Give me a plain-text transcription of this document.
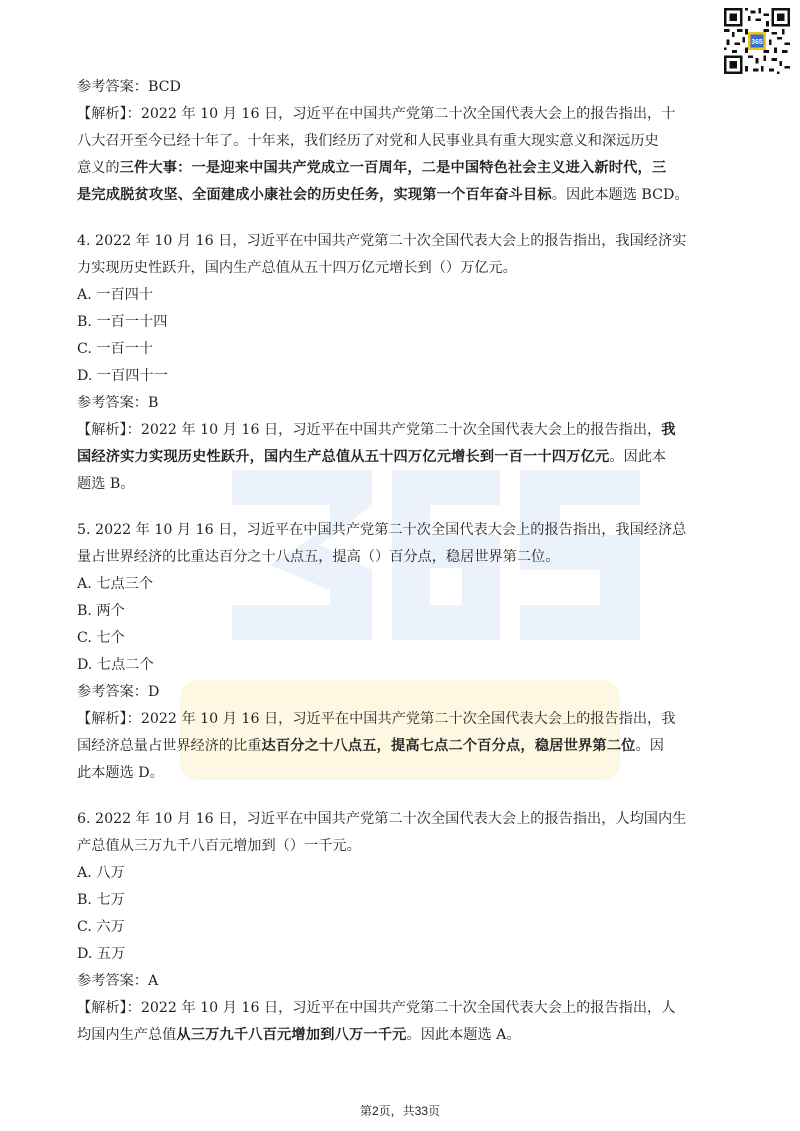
365
参考答案：BCD
【解析】：2022 年 10 月 16 日，习近平在中国共产党第二十次全国代表大会上的报告指出，十
八大召开至今已经十年了。十年来，我们经历了对党和人民事业具有重大现实意义和深远历史
意义的三件大事：一是迎来中国共产党成立一百周年，二是中国特色社会主义进入新时代，三
是完成脱贫攻坚、全面建成小康社会的历史任务，实现第一个百年奋斗目标。因此本题选 BCD。
4. 2022 年 10 月 16 日，习近平在中国共产党第二十次全国代表大会上的报告指出，我国经济实
力实现历史性跃升，国内生产总值从五十四万亿元增长到（）万亿元。
A. 一百四十
B. 一百一十四
C. 一百一十
D. 一百四十一
参考答案：B
【解析】：2022 年 10 月 16 日，习近平在中国共产党第二十次全国代表大会上的报告指出，我
国经济实力实现历史性跃升，国内生产总值从五十四万亿元增长到一百一十四万亿元。因此本
题选 B。
5. 2022 年 10 月 16 日，习近平在中国共产党第二十次全国代表大会上的报告指出，我国经济总
量占世界经济的比重达百分之十八点五，提高（）百分点，稳居世界第二位。
A. 七点三个
B. 两个
C. 七个
D. 七点二个
参考答案：D
【解析】：2022 年 10 月 16 日，习近平在中国共产党第二十次全国代表大会上的报告指出，我
国经济总量占世界经济的比重达百分之十八点五，提高七点二个百分点，稳居世界第二位。因
此本题选 D。
6. 2022 年 10 月 16 日，习近平在中国共产党第二十次全国代表大会上的报告指出，人均国内生
产总值从三万九千八百元增加到（）一千元。
A. 八万
B. 七万
C. 六万
D. 五万
参考答案：A
【解析】：2022 年 10 月 16 日，习近平在中国共产党第二十次全国代表大会上的报告指出，人
均国内生产总值从三万九千八百元增加到八万一千元。因此本题选 A。
第2页，共33页
